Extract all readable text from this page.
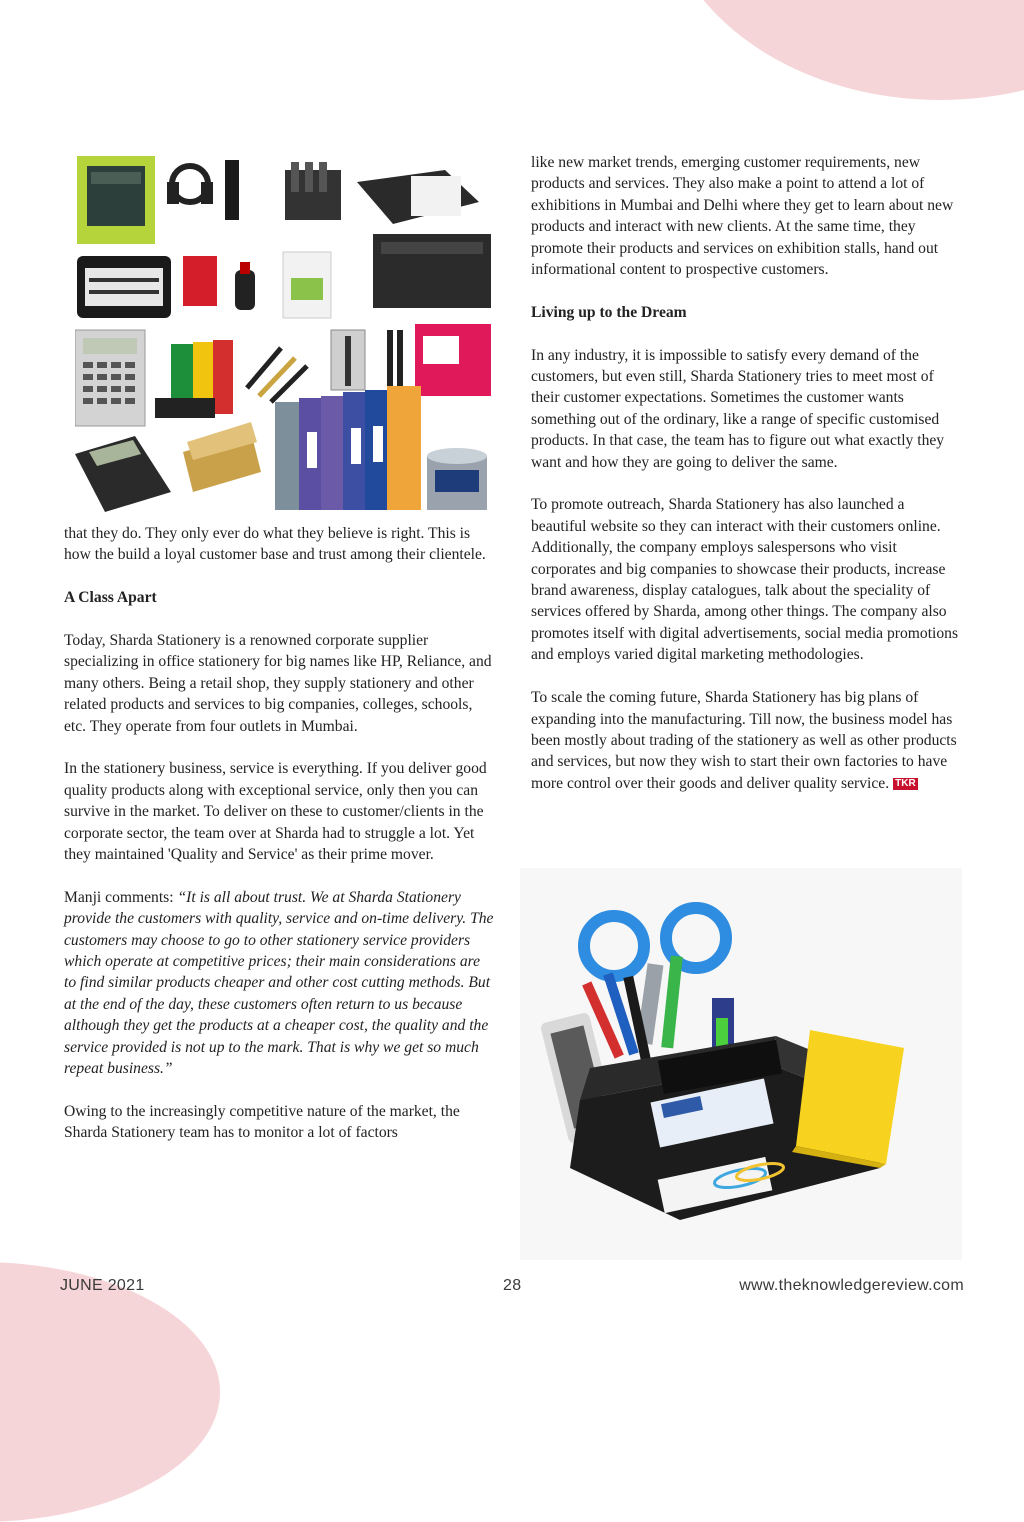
that they do. They only ever do what they believe is right. This is how the build a loyal customer base and trust among their clientele.

A Class Apart

Today, Sharda Stationery is a renowned corporate supplier specializing in office stationery for big names like HP, Reliance, and many others. Being a retail shop, they supply stationery and other related products and services to big companies, colleges, schools, etc. They operate from four outlets in Mumbai.

In the stationery business, service is everything. If you deliver good quality products along with exceptional service, only then you can survive in the market. To deliver on these to customer/clients in the corporate sector, the team over at Sharda had to struggle a lot. Yet they maintained 'Quality and Service' as their prime mover.

Manji comments: “It is all about trust. We at Sharda Stationery provide the customers with quality, service and on-time delivery. The customers may choose to go to other stationery service providers which operate at competitive prices; their main considerations are to find similar products cheaper and other cost cutting methods. But at the end of the day, these customers often return to us because although they get the products at a cheaper cost, the quality and the service provided is not up to the mark. That is why we get so much repeat business.”

Owing to the increasingly competitive nature of the market, the Sharda Stationery team has to monitor a lot of factors

like new market trends, emerging customer requirements, new products and services. They also make a point to attend a lot of exhibitions in Mumbai and Delhi where they get to learn about new products and interact with new clients. At the same time, they promote their products and services on exhibition stalls, hand out informational content to prospective customers.

Living up to the Dream

In any industry, it is impossible to satisfy every demand of the customers, but even still, Sharda Stationery tries to meet most of their customer expectations. Sometimes the customer wants something out of the ordinary, like a range of specific customised products. In that case, the team has to figure out what exactly they want and how they are going to deliver the same.

To promote outreach, Sharda Stationery has also launched a beautiful website so they can interact with their customers online. Additionally, the company employs salespersons who visit corporates and big companies to showcase their products, increase brand awareness, display catalogues, talk about the speciality of services offered by Sharda, among other things. The company also promotes itself with digital advertisements, social media promotions and employs varied digital marketing methodologies.

To scale the coming future, Sharda Stationery has big plans of expanding into the manufacturing. Till now, the business model has been mostly about trading of the stationery as well as other products and services, but now they wish to start their own factories to have more control over their goods and deliver quality service. TKR

JUNE 2021	28	www.theknowledgereview.com
